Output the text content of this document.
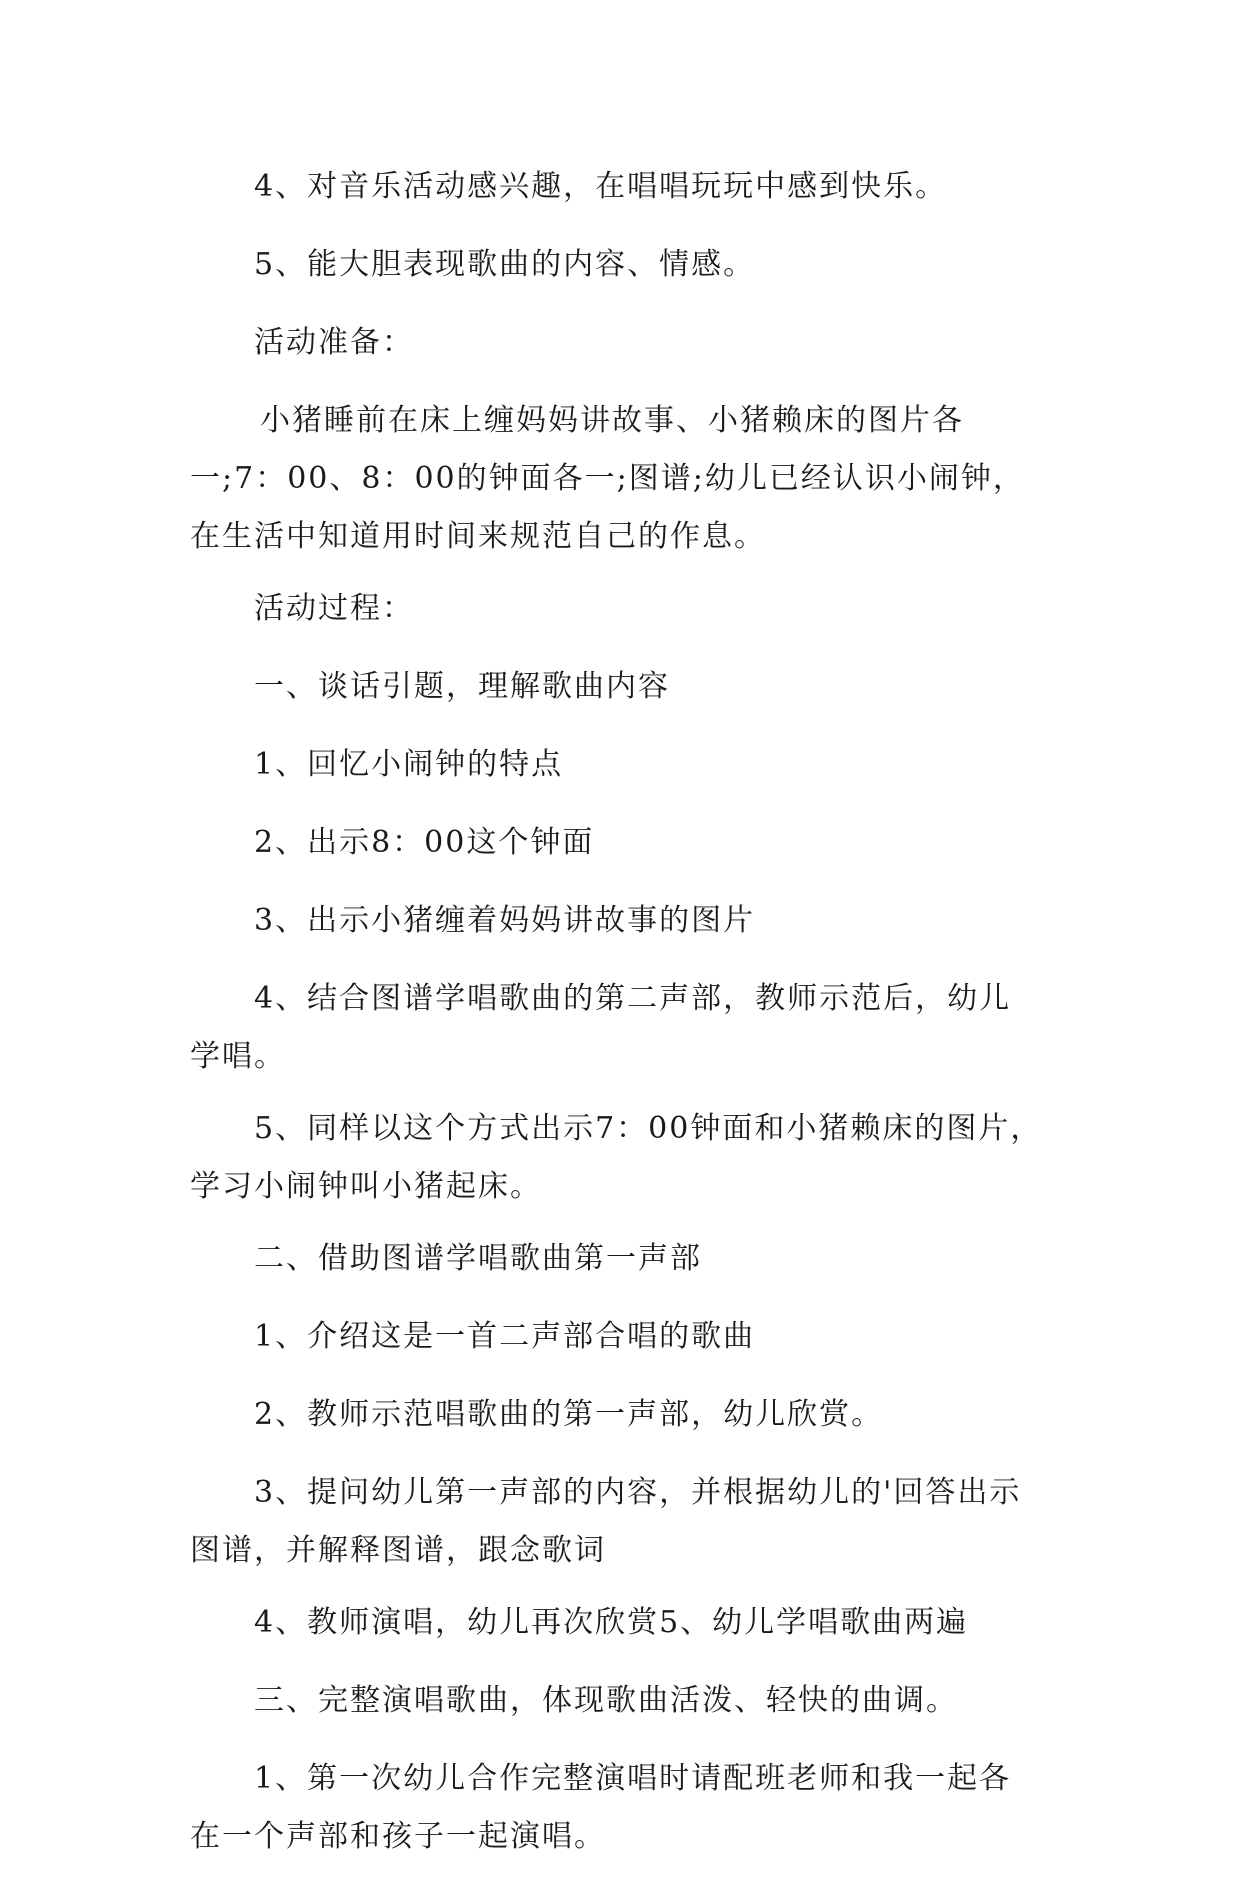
4、对音乐活动感兴趣，在唱唱玩玩中感到快乐。

5、能大胆表现歌曲的内容、情感。

活动准备：

小猪睡前在床上缠妈妈讲故事、小猪赖床的图片各
一;7：00、8：00的钟面各一;图谱;幼儿已经认识小闹钟，
在生活中知道用时间来规范自己的作息。

活动过程：

一、谈话引题，理解歌曲内容

1、回忆小闹钟的特点

2、出示8：00这个钟面

3、出示小猪缠着妈妈讲故事的图片

4、结合图谱学唱歌曲的第二声部，教师示范后，幼儿
学唱。

5、同样以这个方式出示7：00钟面和小猪赖床的图片，
学习小闹钟叫小猪起床。

二、借助图谱学唱歌曲第一声部

1、介绍这是一首二声部合唱的歌曲

2、教师示范唱歌曲的第一声部，幼儿欣赏。

3、提问幼儿第一声部的内容，并根据幼儿的'回答出示
图谱，并解释图谱，跟念歌词

4、教师演唱，幼儿再次欣赏5、幼儿学唱歌曲两遍

三、完整演唱歌曲，体现歌曲活泼、轻快的曲调。

1、第一次幼儿合作完整演唱时请配班老师和我一起各
在一个声部和孩子一起演唱。
